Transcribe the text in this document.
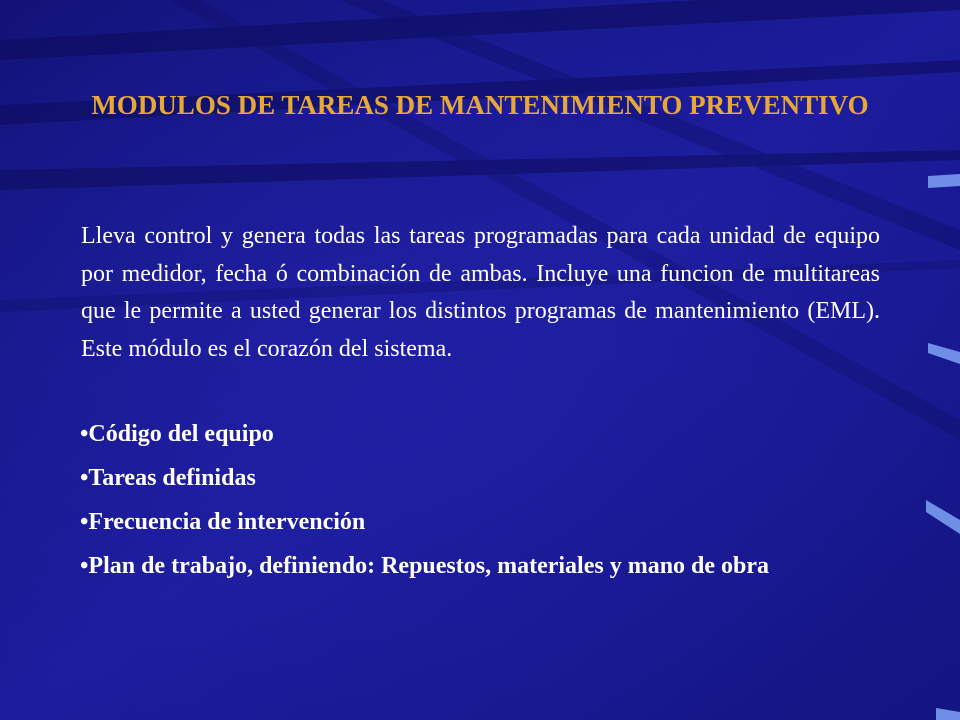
MODULOS DE TAREAS DE MANTENIMIENTO PREVENTIVO

Lleva control y genera todas las tareas programadas para cada unidad de equipo por medidor, fecha ó combinación de ambas. Incluye una funcion de multitareas que le permite a usted generar los distintos programas de mantenimiento (EML). Este módulo es el corazón del sistema.

•Código del equipo
•Tareas definidas
•Frecuencia de intervención
•Plan de trabajo, definiendo: Repuestos, materiales y mano de obra
